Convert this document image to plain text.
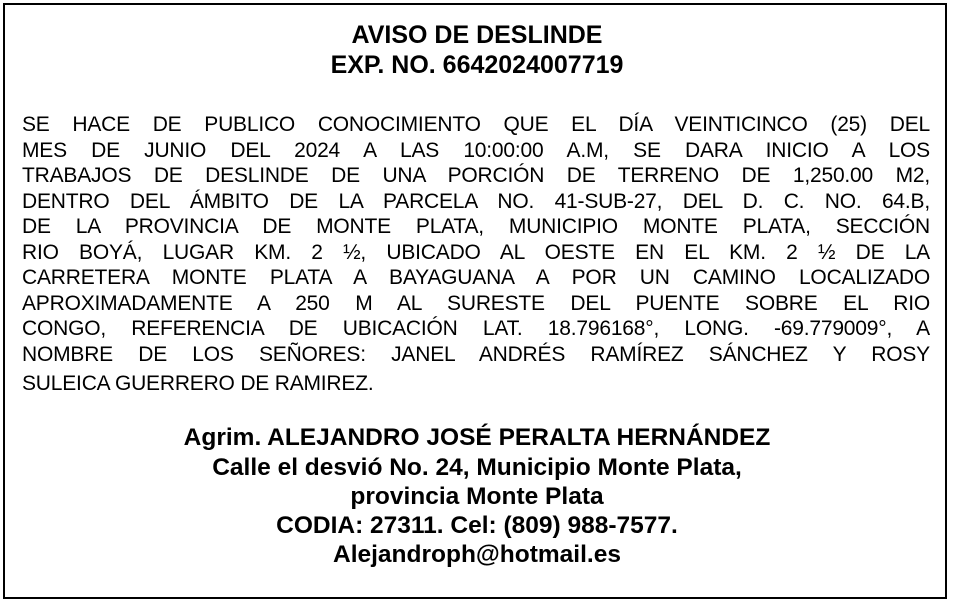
AVISO DE DESLINDE
EXP. NO. 6642024007719

SE HACE DE PUBLICO CONOCIMIENTO QUE EL DÍA VEINTICINCO (25) DEL
MES DE JUNIO DEL 2024 A LAS 10:00:00 A.M, SE DARA INICIO A LOS
TRABAJOS DE DESLINDE DE UNA PORCIÓN DE TERRENO DE 1,250.00 M2,
DENTRO DEL ÁMBITO DE LA PARCELA NO. 41-SUB-27, DEL D. C. NO. 64.B,
DE LA PROVINCIA DE MONTE PLATA, MUNICIPIO MONTE PLATA, SECCIÓN
RIO BOYÁ, LUGAR KM. 2 ½, UBICADO AL OESTE EN EL KM. 2 ½ DE LA
CARRETERA MONTE PLATA A BAYAGUANA A POR UN CAMINO LOCALIZADO
APROXIMADAMENTE A 250 M AL SURESTE DEL PUENTE SOBRE EL RIO
CONGO, REFERENCIA DE UBICACIÓN LAT. 18.796168°, LONG. -69.779009°, A
NOMBRE DE LOS SEÑORES: JANEL ANDRÉS RAMÍREZ SÁNCHEZ Y ROSY
SULEICA GUERRERO DE RAMIREZ.

Agrim. ALEJANDRO JOSÉ PERALTA HERNÁNDEZ

Calle el desvió No. 24, Municipio Monte Plata,

provincia Monte Plata

CODIA: 27311. Cel: (809) 988-7577.

Alejandroph@hotmail.es
